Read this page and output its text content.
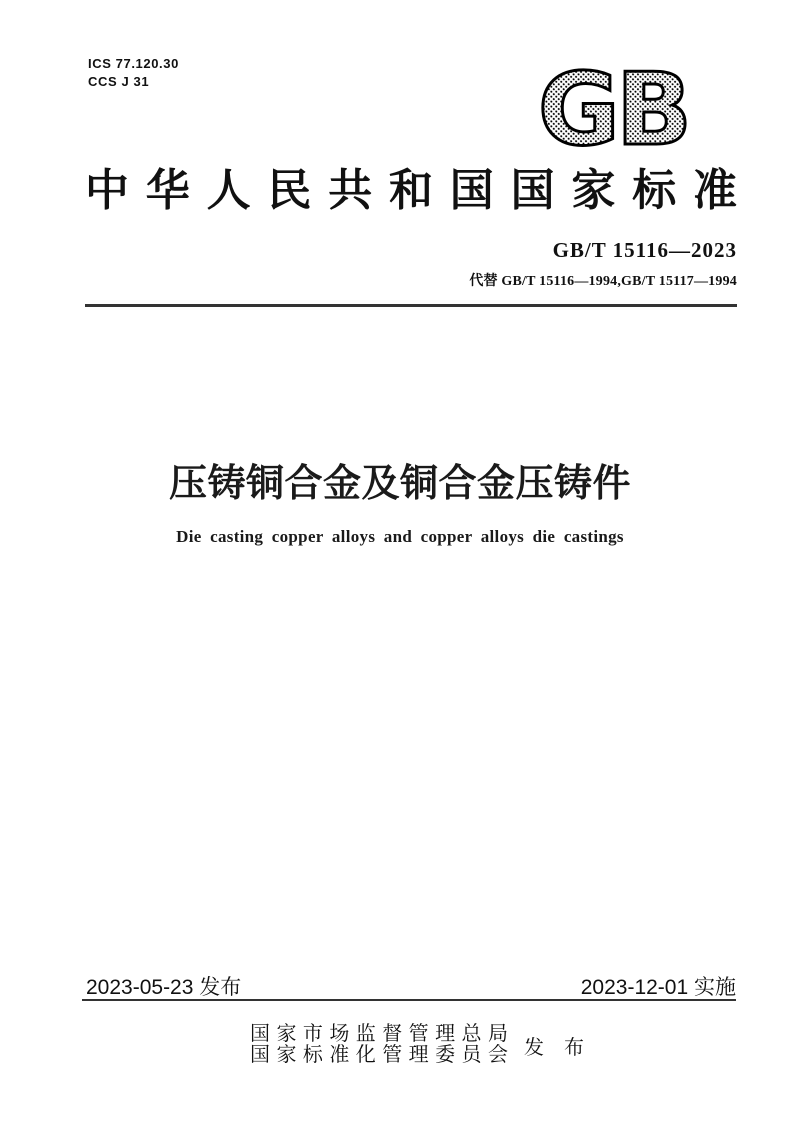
ICS 77.120.30
CCS J 31	GB
中华人民共和国国家标准
GB/T 15116—2023
代替 GB/T 15116—1994,GB/T 15117—1994
压铸铜合金及铜合金压铸件
Die casting copper alloys and copper alloys die castings
2023-05-23 发布	2023-12-01 实施
国家市场监督管理总局
国家标准化管理委员会 发　布
